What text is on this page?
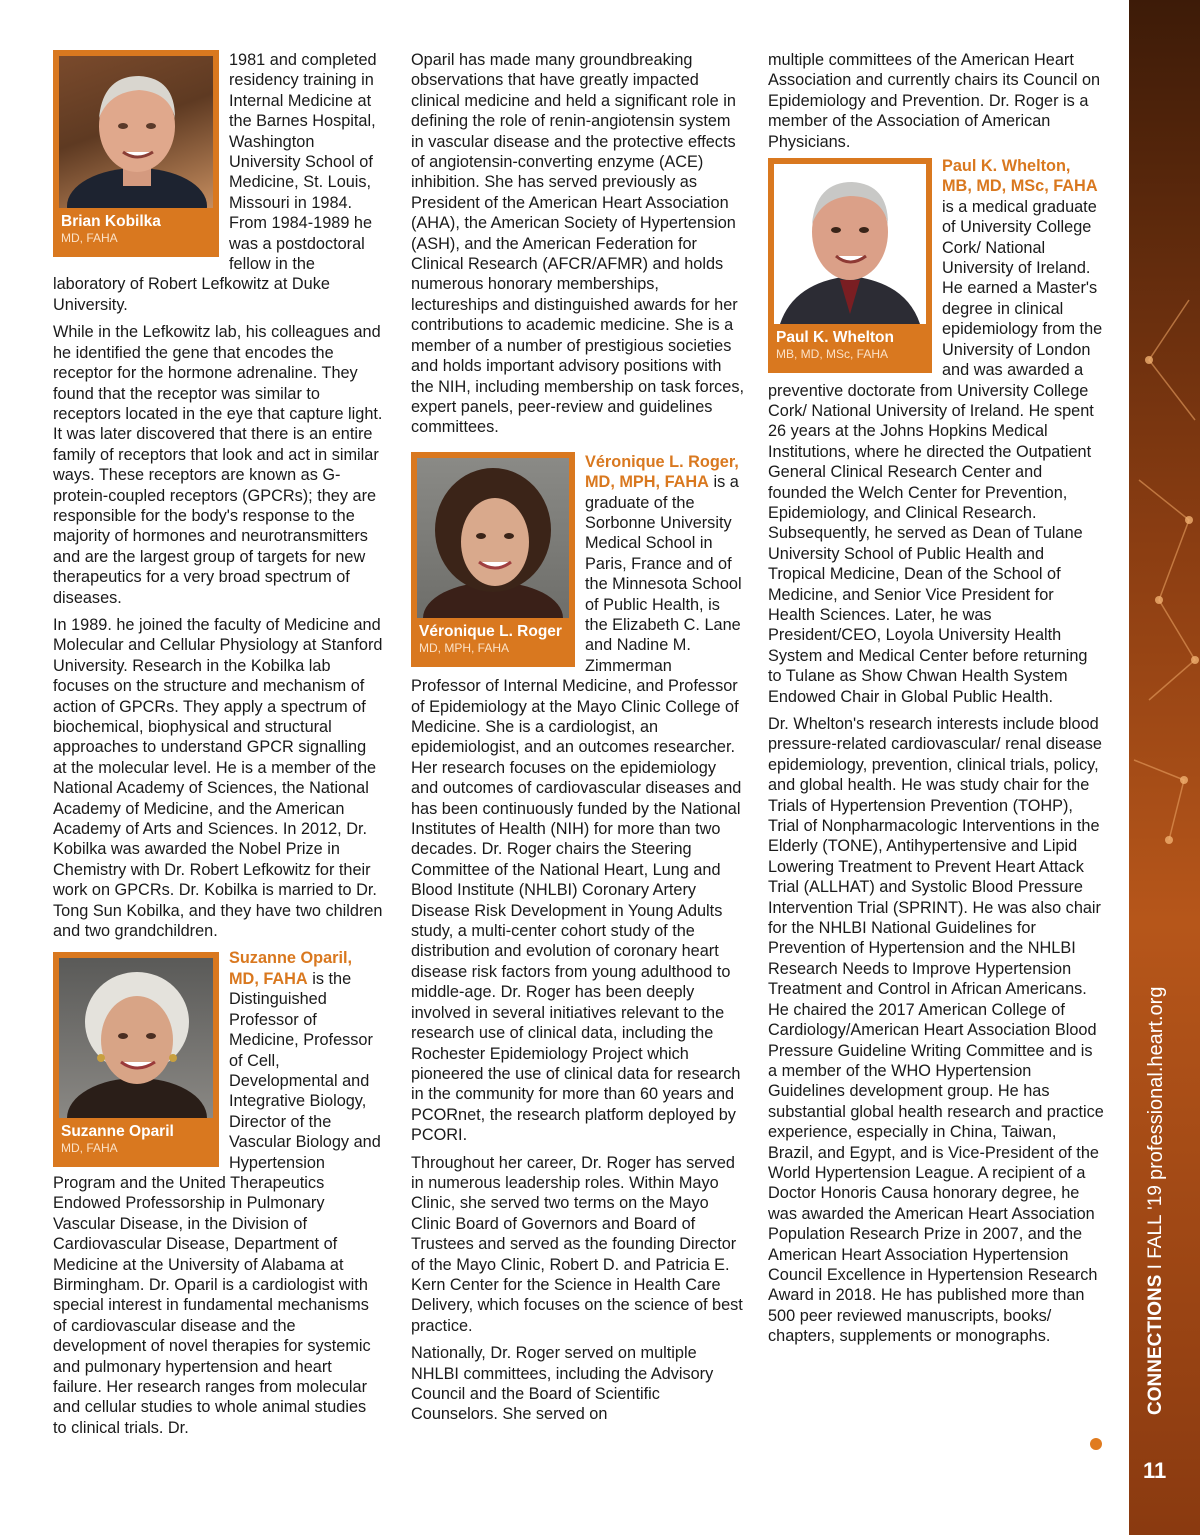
Brian Kobilka
MD, FAHA

1981 and completed residency training in Internal Medicine at the Barnes Hospital, Washington University School of Medicine, St. Louis, Missouri in 1984. From 1984-1989 he was a postdoctoral fellow in the laboratory of Robert Lefkowitz at Duke University.

While in the Lefkowitz lab, his colleagues and he identified the gene that encodes the receptor for the hormone adrenaline. They found that the receptor was similar to receptors located in the eye that capture light. It was later discovered that there is an entire family of receptors that look and act in similar ways. These receptors are known as G-protein-coupled receptors (GPCRs); they are responsible for the body's response to the majority of hormones and neurotransmitters and are the largest group of targets for new therapeutics for a very broad spectrum of diseases.

In 1989. he joined the faculty of Medicine and Molecular and Cellular Physiology at Stanford University. Research in the Kobilka lab focuses on the structure and mechanism of action of GPCRs. They apply a spectrum of biochemical, biophysical and structural approaches to understand GPCR signalling at the molecular level. He is a member of the National Academy of Sciences, the National Academy of Medicine, and the American Academy of Arts and Sciences. In 2012, Dr. Kobilka was awarded the Nobel Prize in Chemistry with Dr. Robert Lefkowitz for their work on GPCRs. Dr. Kobilka is married to Dr. Tong Sun Kobilka, and they have two children and two grandchildren.

Suzanne Oparil
MD, FAHA

Suzanne Oparil, MD, FAHA is the Distinguished Professor of Medicine, Professor of Cell, Developmental and Integrative Biology, Director of the Vascular Biology and Hypertension Program and the United Therapeutics Endowed Professorship in Pulmonary Vascular Disease, in the Division of Cardiovascular Disease, Department of Medicine at the University of Alabama at Birmingham. Dr. Oparil is a cardiologist with special interest in fundamental mechanisms of cardiovascular disease and the development of novel therapies for systemic and pulmonary hypertension and heart failure. Her research ranges from molecular and cellular studies to whole animal studies to clinical trials. Dr.

Oparil has made many groundbreaking observations that have greatly impacted clinical medicine and held a significant role in defining the role of renin-angiotensin system in vascular disease and the protective effects of angiotensin-converting enzyme (ACE) inhibition. She has served previously as President of the American Heart Association (AHA), the American Society of Hypertension (ASH), and the American Federation for Clinical Research (AFCR/AFMR) and holds numerous honorary memberships, lectureships and distinguished awards for her contributions to academic medicine. She is a member of a number of prestigious societies and holds important advisory positions with the NIH, including membership on task forces, expert panels, peer-review and guidelines committees.

Véronique L. Roger
MD, MPH, FAHA

Véronique L. Roger, MD, MPH, FAHA is a graduate of the Sorbonne University Medical School in Paris, France and of the Minnesota School of Public Health, is the Elizabeth C. Lane and Nadine M. Zimmerman Professor of Internal Medicine, and Professor of Epidemiology at the Mayo Clinic College of Medicine. She is a cardiologist, an epidemiologist, and an outcomes researcher. Her research focuses on the epidemiology and outcomes of cardiovascular diseases and has been continuously funded by the National Institutes of Health (NIH) for more than two decades. Dr. Roger chairs the Steering Committee of the National Heart, Lung and Blood Institute (NHLBI) Coronary Artery Disease Risk Development in Young Adults study, a multi-center cohort study of the distribution and evolution of coronary heart disease risk factors from young adulthood to middle-age. Dr. Roger has been deeply involved in several initiatives relevant to the research use of clinical data, including the Rochester Epidemiology Project which pioneered the use of clinical data for research in the community for more than 60 years and PCORnet, the research platform deployed by PCORI.

Throughout her career, Dr. Roger has served in numerous leadership roles. Within Mayo Clinic, she served two terms on the Mayo Clinic Board of Governors and Board of Trustees and served as the founding Director of the Mayo Clinic, Robert D. and Patricia E. Kern Center for the Science in Health Care Delivery, which focuses on the science of best practice.

Nationally, Dr. Roger served on multiple NHLBI committees, including the Advisory Council and the Board of Scientific Counselors. She served on

multiple committees of the American Heart Association and currently chairs its Council on Epidemiology and Prevention. Dr. Roger is a member of the Association of American Physicians.

Paul K. Whelton
MB, MD, MSc, FAHA

Paul K. Whelton, MB, MD, MSc, FAHA is a medical graduate of University College Cork/ National University of Ireland. He earned a Master's degree in clinical epidemiology from the University of London and was awarded a preventive doctorate from University College Cork/ National University of Ireland. He spent 26 years at the Johns Hopkins Medical Institutions, where he directed the Outpatient General Clinical Research Center and founded the Welch Center for Prevention, Epidemiology, and Clinical Research. Subsequently, he served as Dean of Tulane University School of Public Health and Tropical Medicine, Dean of the School of Medicine, and Senior Vice President for Health Sciences. Later, he was President/CEO, Loyola University Health System and Medical Center before returning to Tulane as Show Chwan Health System Endowed Chair in Global Public Health.

Dr. Whelton's research interests include blood pressure-related cardiovascular/ renal disease epidemiology, prevention, clinical trials, policy, and global health. He was study chair for the Trials of Hypertension Prevention (TOHP), Trial of Nonpharmacologic Interventions in the Elderly (TONE), Antihypertensive and Lipid Lowering Treatment to Prevent Heart Attack Trial (ALLHAT) and Systolic Blood Pressure Intervention Trial (SPRINT). He was also chair for the NHLBI National Guidelines for Prevention of Hypertension and the NHLBI Research Needs to Improve Hypertension Treatment and Control in African Americans. He chaired the 2017 American College of Cardiology/American Heart Association Blood Pressure Guideline Writing Committee and is a member of the WHO Hypertension Guidelines development group. He has substantial global health research and practice experience, especially in China, Taiwan, Brazil, and Egypt, and is Vice-President of the World Hypertension League. A recipient of a Doctor Honoris Causa honorary degree, he was awarded the American Heart Association Population Research Prize in 2007, and the American Heart Association Hypertension Council Excellence in Hypertension Research Award in 2018. He has published more than 500 peer reviewed manuscripts, books/ chapters, supplements or monographs.	CONNECTIONS I FALL '19
professional.heart.org
11
